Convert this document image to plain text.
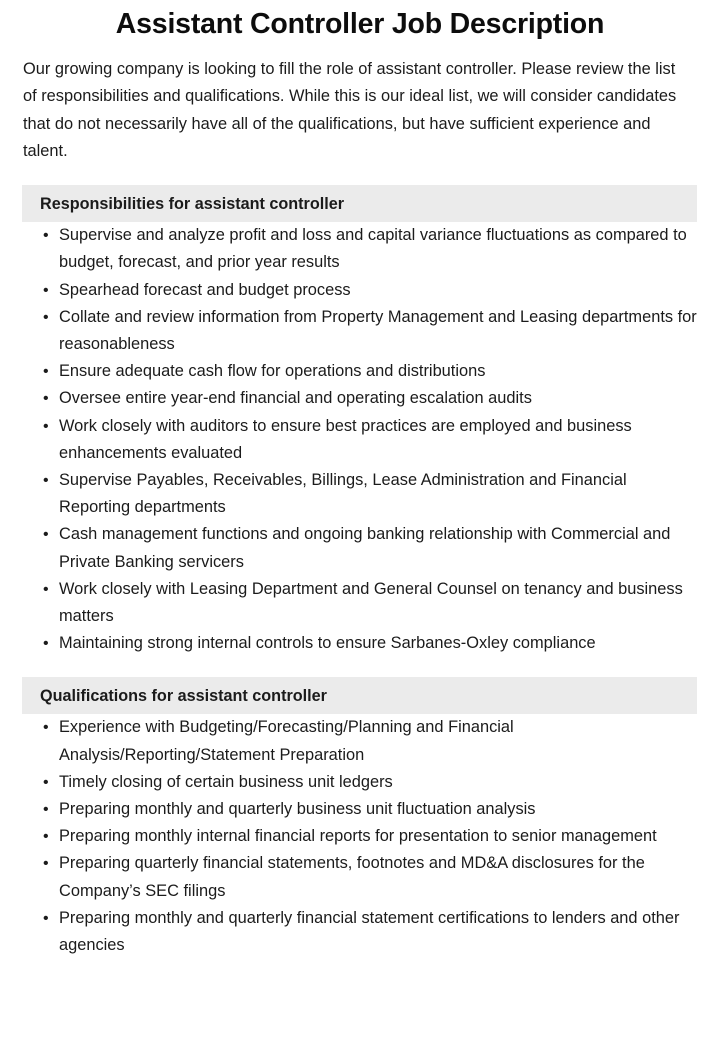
Assistant Controller Job Description

Our growing company is looking to fill the role of assistant controller. Please review the list of responsibilities and qualifications. While this is our ideal list, we will consider candidates that do not necessarily have all of the qualifications, but have sufficient experience and talent.

Responsibilities for assistant controller
• Supervise and analyze profit and loss and capital variance fluctuations as compared to budget, forecast, and prior year results
• Spearhead forecast and budget process
• Collate and review information from Property Management and Leasing departments for reasonableness
• Ensure adequate cash flow for operations and distributions
• Oversee entire year-end financial and operating escalation audits
• Work closely with auditors to ensure best practices are employed and business enhancements evaluated
• Supervise Payables, Receivables, Billings, Lease Administration and Financial Reporting departments
• Cash management functions and ongoing banking relationship with Commercial and Private Banking servicers
• Work closely with Leasing Department and General Counsel on tenancy and business matters
• Maintaining strong internal controls to ensure Sarbanes-Oxley compliance
Qualifications for assistant controller
• Experience with Budgeting/Forecasting/Planning and Financial Analysis/Reporting/Statement Preparation
• Timely closing of certain business unit ledgers
• Preparing monthly and quarterly business unit fluctuation analysis
• Preparing monthly internal financial reports for presentation to senior management
• Preparing quarterly financial statements, footnotes and MD&A disclosures for the Company’s SEC filings
• Preparing monthly and quarterly financial statement certifications to lenders and other agencies
